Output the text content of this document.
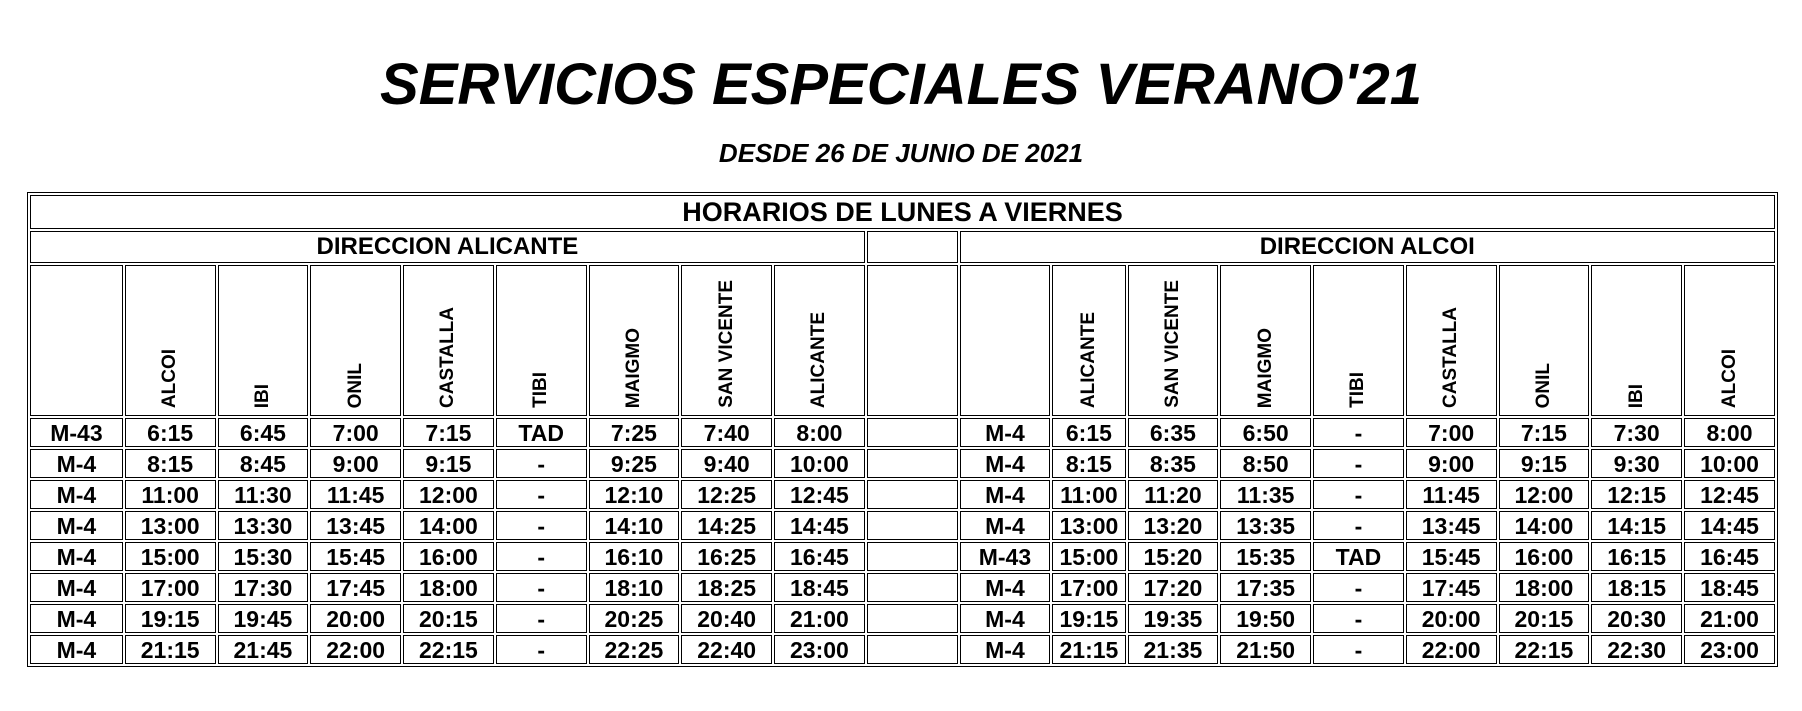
SERVICIOS ESPECIALES VERANO'21
DESDE 26 DE JUNIO DE 2021
HORARIOS DE LUNES A VIERNES																		
DIRECCION ALICANTE										DIRECCION ALCOI								
	ALCOI	IBI	ONIL	CASTALLA	TIBI	MAIGMO	SAN VICENTE	ALICANTE			ALICANTE	SAN VICENTE	MAIGMO	TIBI	CASTALLA	ONIL	IBI	ALCOI
M-43	6:15	6:45	7:00	7:15	TAD	7:25	7:40	8:00		M-4	6:15	6:35	6:50	-	7:00	7:15	7:30	8:00
M-4	8:15	8:45	9:00	9:15	-	9:25	9:40	10:00		M-4	8:15	8:35	8:50	-	9:00	9:15	9:30	10:00
M-4	11:00	11:30	11:45	12:00	-	12:10	12:25	12:45		M-4	11:00	11:20	11:35	-	11:45	12:00	12:15	12:45
M-4	13:00	13:30	13:45	14:00	-	14:10	14:25	14:45		M-4	13:00	13:20	13:35	-	13:45	14:00	14:15	14:45
M-4	15:00	15:30	15:45	16:00	-	16:10	16:25	16:45		M-43	15:00	15:20	15:35	TAD	15:45	16:00	16:15	16:45
M-4	17:00	17:30	17:45	18:00	-	18:10	18:25	18:45		M-4	17:00	17:20	17:35	-	17:45	18:00	18:15	18:45
M-4	19:15	19:45	20:00	20:15	-	20:25	20:40	21:00		M-4	19:15	19:35	19:50	-	20:00	20:15	20:30	21:00
M-4	21:15	21:45	22:00	22:15	-	22:25	22:40	23:00		M-4	21:15	21:35	21:50	-	22:00	22:15	22:30	23:00
